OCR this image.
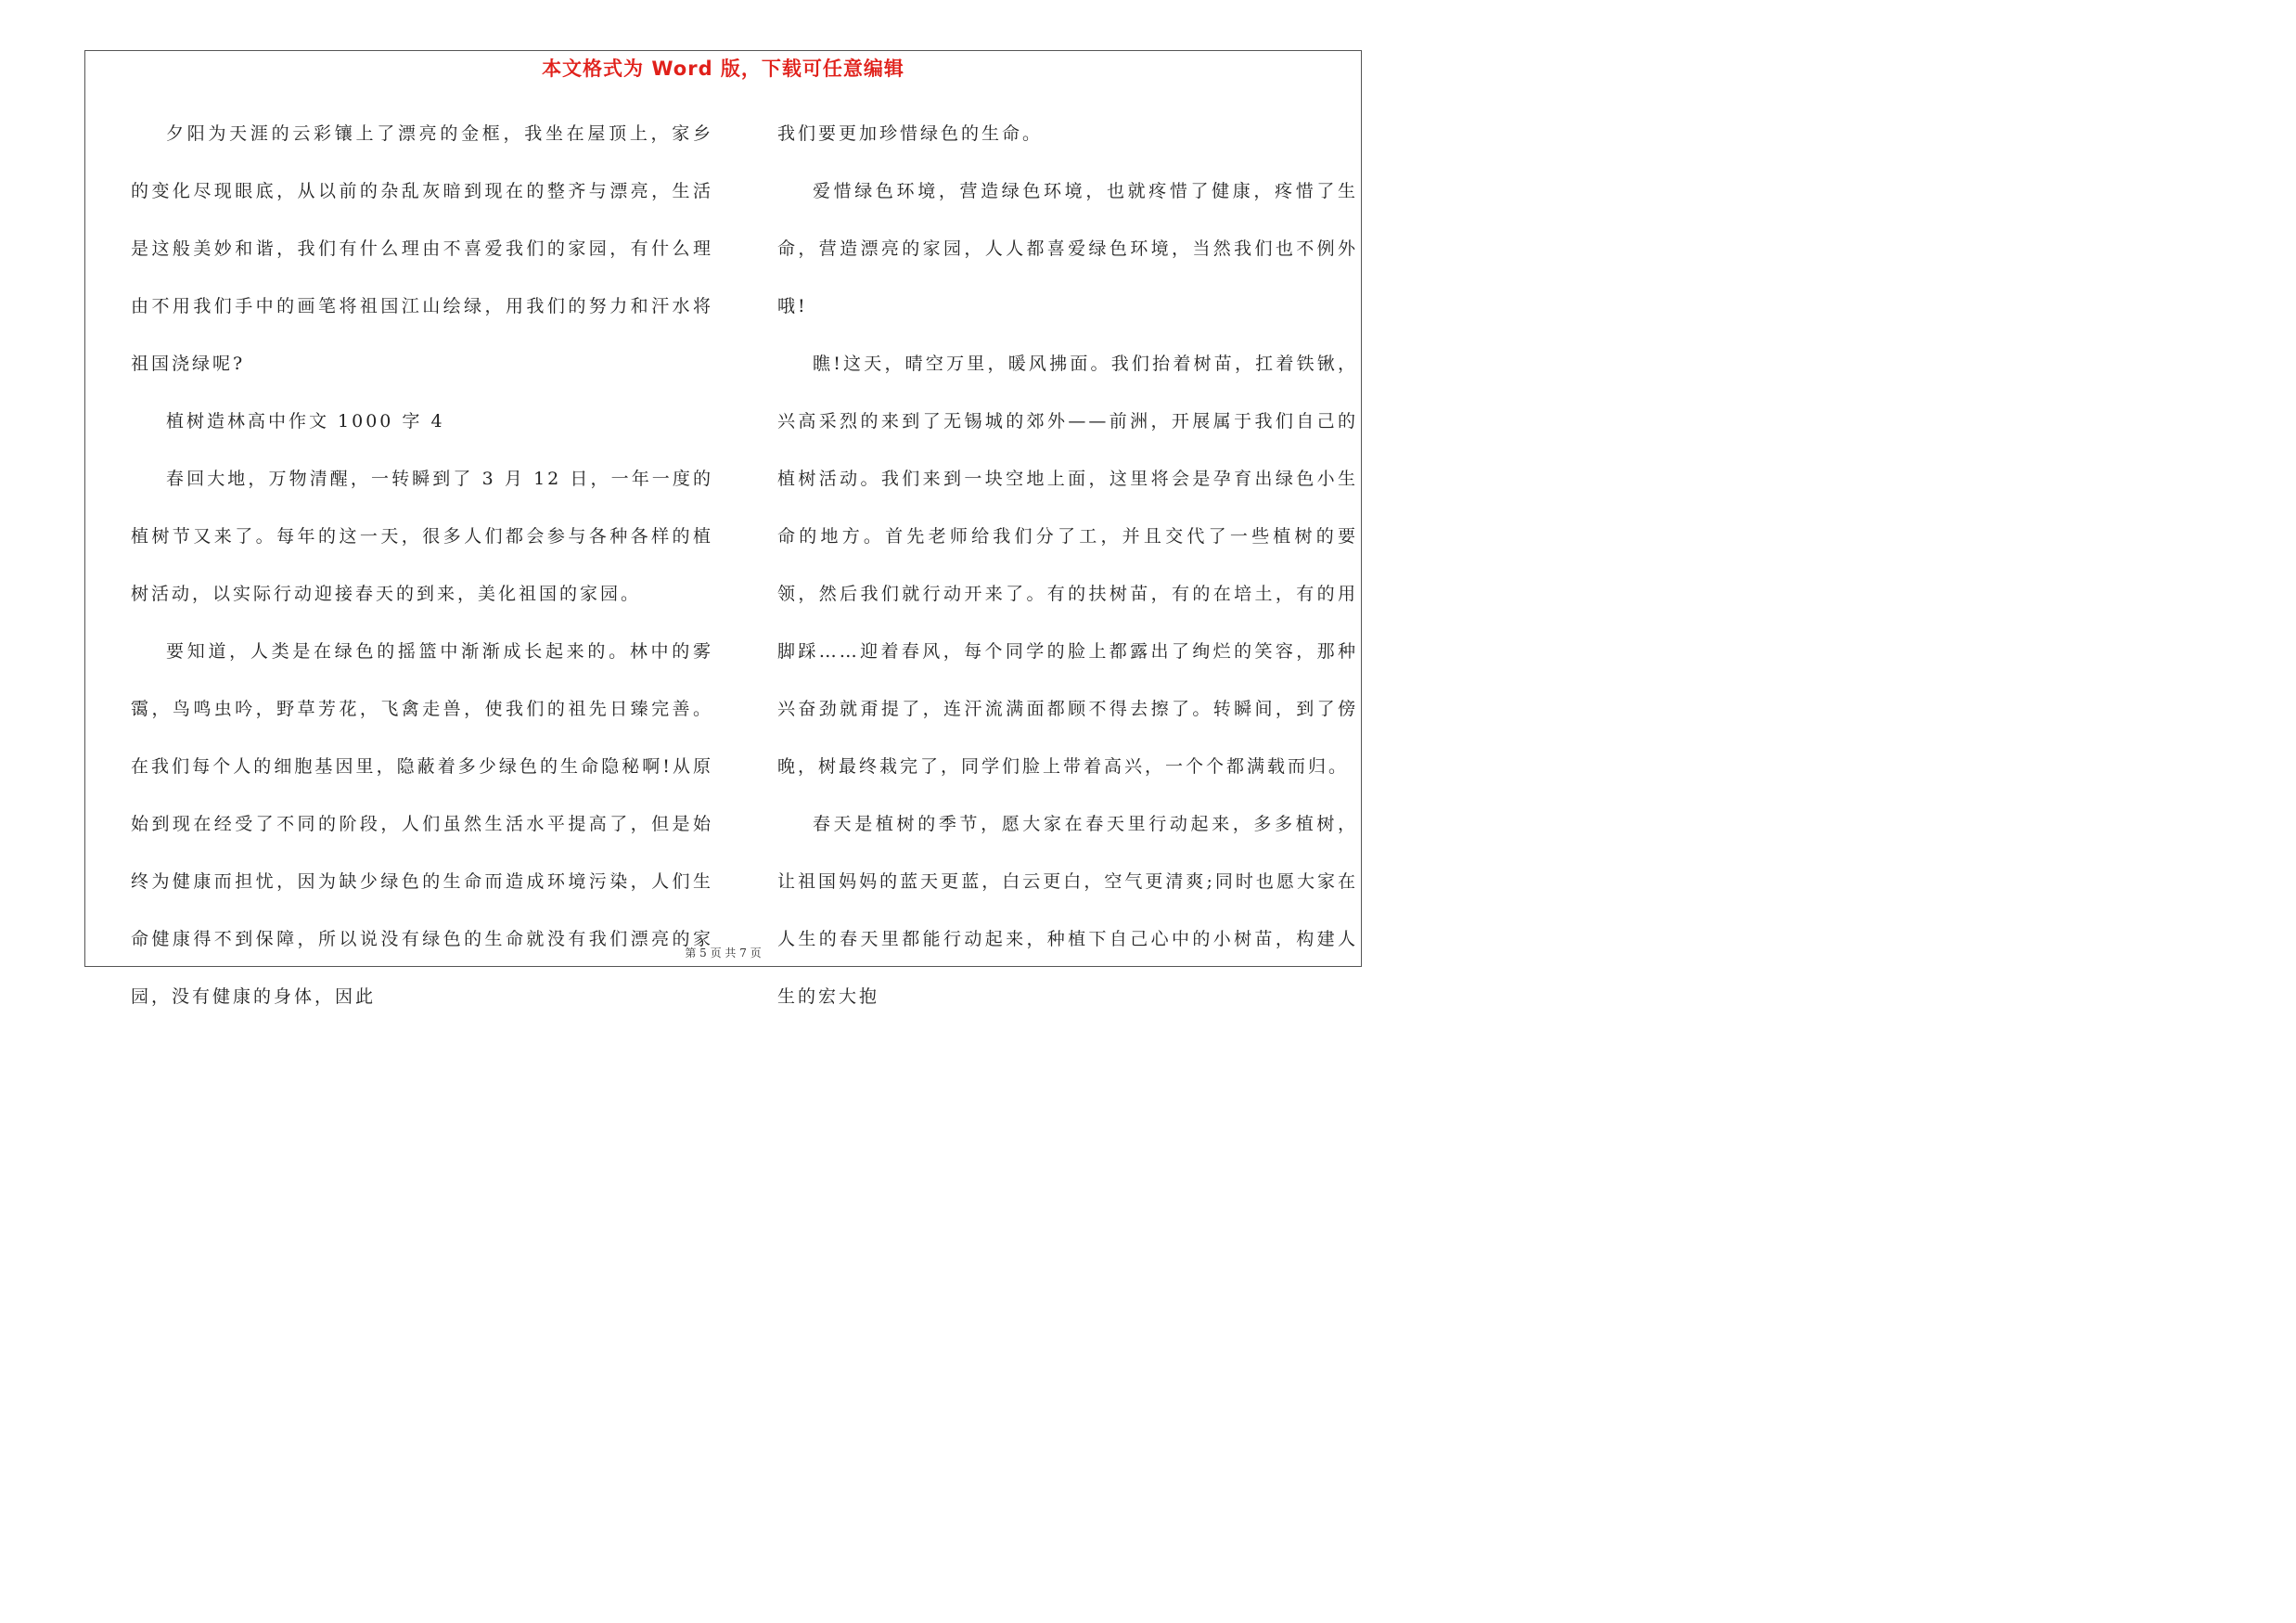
本文格式为 Word 版，下载可任意编辑

夕阳为天涯的云彩镶上了漂亮的金框，我坐在屋顶上，家乡的变化尽现眼底，从以前的杂乱灰暗到现在的整齐与漂亮，生活是这般美妙和谐，我们有什么理由不喜爱我们的家园，有什么理由不用我们手中的画笔将祖国江山绘绿，用我们的努力和汗水将祖国浇绿呢?

植树造林高中作文 1000 字 4

春回大地，万物清醒，一转瞬到了 3 月 12 日，一年一度的植树节又来了。每年的这一天，很多人们都会参与各种各样的植树活动，以实际行动迎接春天的到来，美化祖国的家园。

要知道，人类是在绿色的摇篮中渐渐成长起来的。林中的雾霭，鸟鸣虫吟，野草芳花，飞禽走兽，使我们的祖先日臻完善。在我们每个人的细胞基因里，隐蔽着多少绿色的生命隐秘啊!从原始到现在经受了不同的阶段，人们虽然生活水平提高了，但是始终为健康而担忧，因为缺少绿色的生命而造成环境污染，人们生命健康得不到保障，所以说没有绿色的生命就没有我们漂亮的家园，没有健康的身体，因此

我们要更加珍惜绿色的生命。

爱惜绿色环境，营造绿色环境，也就疼惜了健康，疼惜了生命，营造漂亮的家园，人人都喜爱绿色环境，当然我们也不例外哦!

瞧!这天，晴空万里，暖风拂面。我们抬着树苗，扛着铁锹，兴高采烈的来到了无锡城的郊外——前洲，开展属于我们自己的植树活动。我们来到一块空地上面，这里将会是孕育出绿色小生命的地方。首先老师给我们分了工，并且交代了一些植树的要领，然后我们就行动开来了。有的扶树苗，有的在培土，有的用脚踩……迎着春风，每个同学的脸上都露出了绚烂的笑容，那种兴奋劲就甭提了，连汗流满面都顾不得去擦了。转瞬间，到了傍晚，树最终栽完了，同学们脸上带着高兴，一个个都满载而归。

春天是植树的季节，愿大家在春天里行动起来，多多植树，让祖国妈妈的蓝天更蓝，白云更白，空气更清爽;同时也愿大家在人生的春天里都能行动起来，种植下自己心中的小树苗，构建人生的宏大抱

第 5 页 共 7 页
